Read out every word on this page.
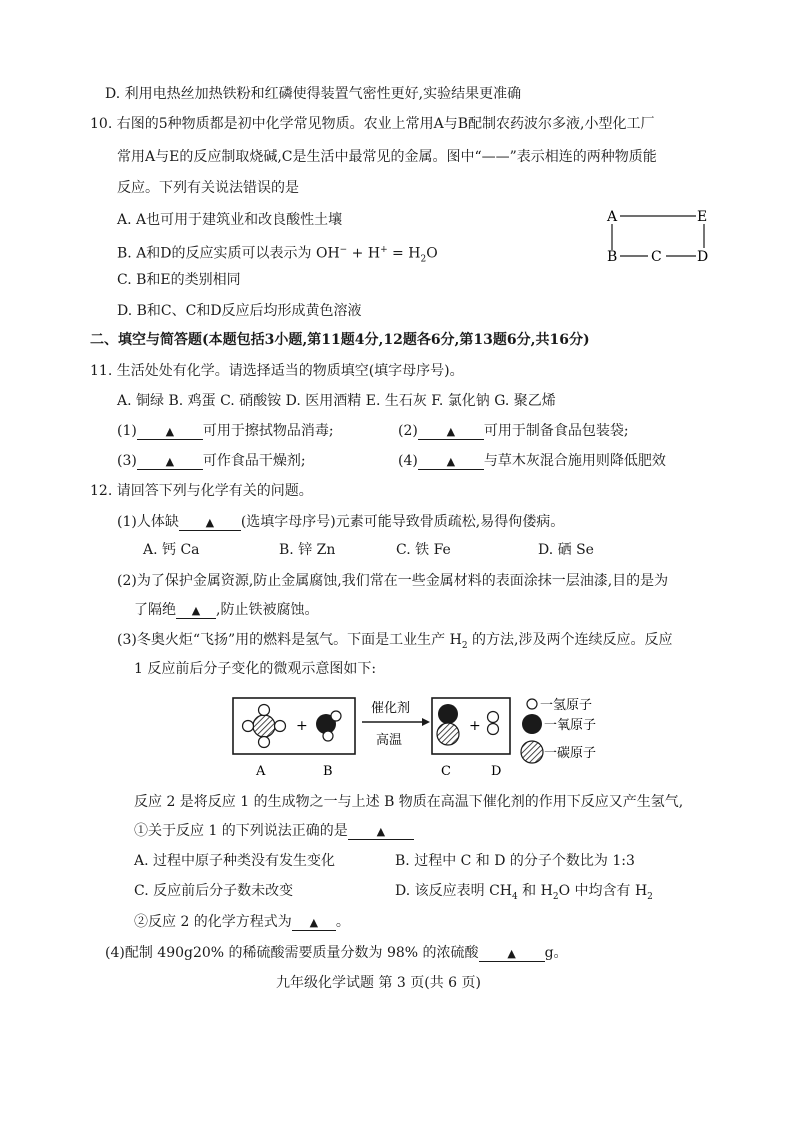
D. 利用电热丝加热铁粉和红磷使得装置气密性更好,实验结果更准确
10. 右图的5种物质都是初中化学常见物质。农业上常用A与B配制农药波尔多液,小型化工厂
常用A与E的反应制取烧碱,C是生活中最常见的金属。图中“——”表示相连的两种物质能
反应。下列有关说法错误的是
A. A也可用于建筑业和改良酸性土壤
B. A和D的反应实质可以表示为 $OH^- + H^+ = H_2O$
C. B和E的类别相同
D. B和C、C和D反应后均形成黄色溶液
A	E
B C	D
二、填空与简答题(本题包括3小题,第11题4分,12题各6分,第13题6分,共16分)
11. 生活处处有化学。请选择适当的物质填空(填字母序号)。
A. 铜绿 B. 鸡蛋 C. 硝酸铵 D. 医用酒精 E. 生石灰 F. 氯化钠 G. 聚乙烯
(1)	▲ 可用于擦拭物品消毒;	(2)	▲ 可用于制备食品包装袋;
(3)	▲ 可作食品干燥剂;	(4)	▲ 与草木灰混合施用则降低肥效
12. 请回答下列与化学有关的问题。
(1)人体缺 ▲ (选填字母序号)元素可能导致骨质疏松,易得佝偻病。
A. 钙 Ca	B. 锌 Zn	C. 铁 Fe	D. 硒 Se
(2)为了保护金属资源,防止金属腐蚀,我们常在一些金属材料的表面涂抹一层油漆,目的是为
了隔绝 ▲ ,防止铁被腐蚀。
(3)冬奥火炬“飞扬”用的燃料是氢气。下面是工业生产 $H_2$ 的方法,涉及两个连续反应。反应
1 反应前后分子变化的微观示意图如下:
+
催化剂
高温
+
A	B	C	D
一氢原子
一氧原子
一碳原子
反应 2 是将反应 1 的生成物之一与上述 B 物质在高温下催化剂的作用下反应又产生氢气,
①关于反应 1 的下列说法正确的是	▲
A. 过程中原子种类没有发生变化	B. 过程中 C 和 D 的分子个数比为 1:3
C. 反应前后分子数未改变	D. 该反应表明 $CH_4$ 和 $H_2O$ 中均含有 $H_2$
②反应 2 的化学方程式为 ▲ 。
(4)配制 490g20% 的稀硫酸需要质量分数为 98% 的浓硫酸	▲ g。
九年级化学试题 第 3 页(共 6 页)
